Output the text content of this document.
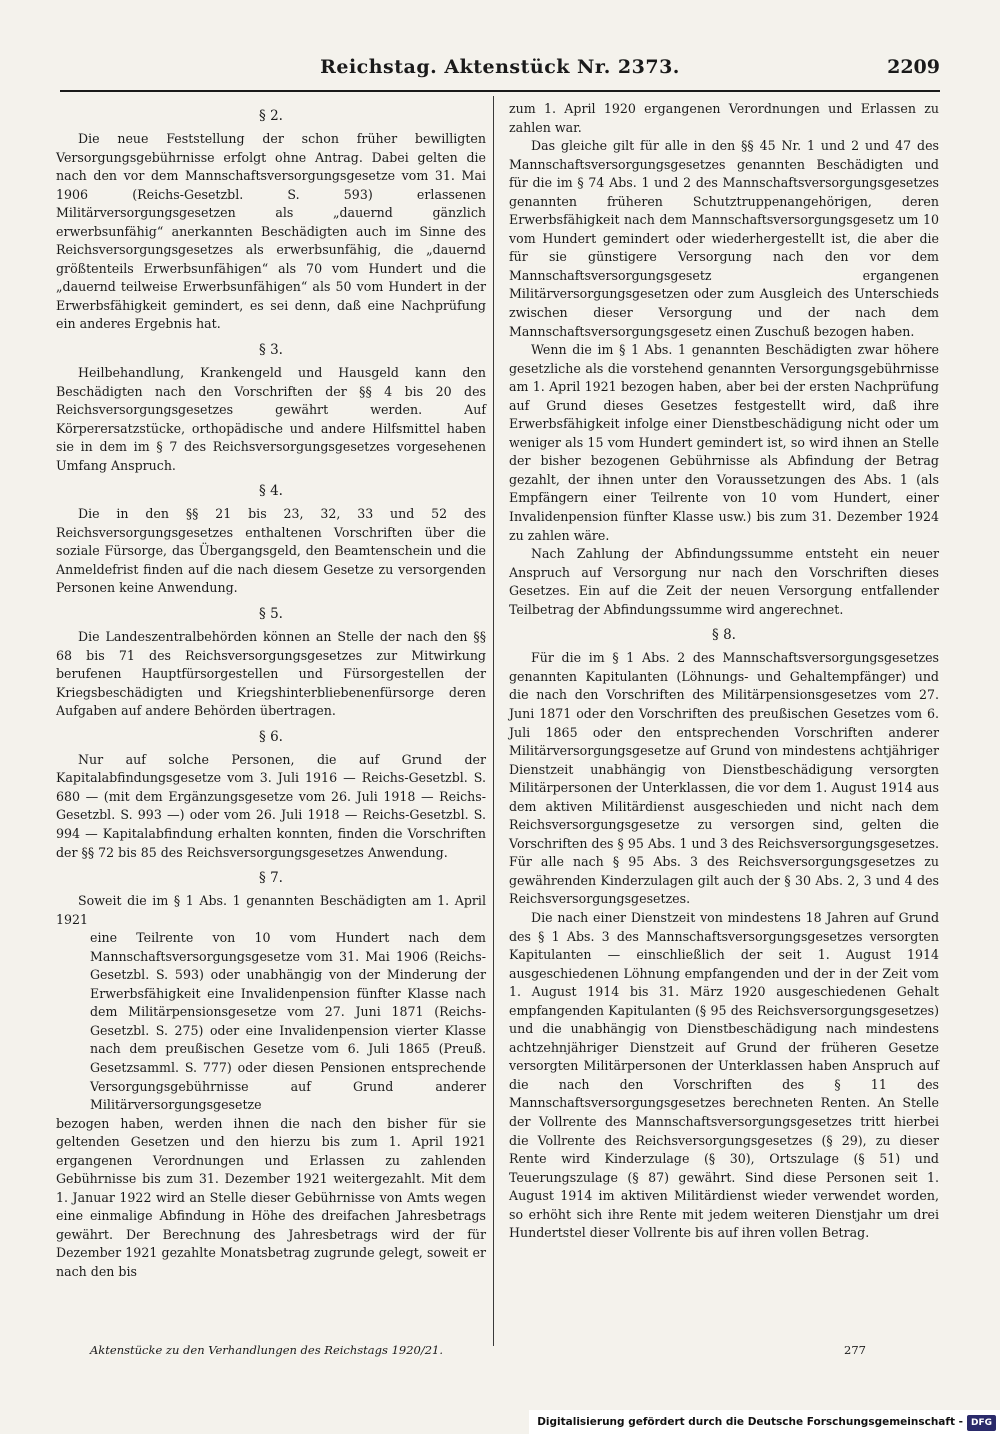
Reichstag. Aktenstück Nr. 2373.	2209
§ 2.

Die neue Feststellung der schon früher bewilligten Versorgungsgebührnisse erfolgt ohne Antrag. Dabei gelten die nach den vor dem Mannschaftsversorgungsgesetze vom 31. Mai 1906 (Reichs-Gesetzbl. S. 593) erlassenen Militärversorgungsgesetzen als „dauernd gänzlich erwerbsunfähig“ anerkannten Beschädigten auch im Sinne des Reichsversorgungsgesetzes als erwerbsunfähig, die „dauernd größtenteils Erwerbsunfähigen“ als 70 vom Hundert und die „dauernd teilweise Erwerbsunfähigen“ als 50 vom Hundert in der Erwerbsfähigkeit gemindert, es sei denn, daß eine Nachprüfung ein anderes Ergebnis hat.

§ 3.

Heilbehandlung, Krankengeld und Hausgeld kann den Beschädigten nach den Vorschriften der §§ 4 bis 20 des Reichsversorgungsgesetzes gewährt werden. Auf Körperersatzstücke, orthopädische und andere Hilfsmittel haben sie in dem im § 7 des Reichsversorgungsgesetzes vorgesehenen Umfang Anspruch.

§ 4.

Die in den §§ 21 bis 23, 32, 33 und 52 des Reichsversorgungsgesetzes enthaltenen Vorschriften über die soziale Fürsorge, das Übergangsgeld, den Beamtenschein und die Anmeldefrist finden auf die nach diesem Gesetze zu versorgenden Personen keine Anwendung.

§ 5.

Die Landeszentralbehörden können an Stelle der nach den §§ 68 bis 71 des Reichsversorgungsgesetzes zur Mitwirkung berufenen Hauptfürsorgestellen und Fürsorgestellen der Kriegsbeschädigten und Kriegshinterbliebenenfürsorge deren Aufgaben auf andere Behörden übertragen.

§ 6.

Nur auf solche Personen, die auf Grund der Kapitalabfindungsgesetze vom 3. Juli 1916 — Reichs-Gesetzbl. S. 680 — (mit dem Ergänzungsgesetze vom 26. Juli 1918 — Reichs-Gesetzbl. S. 993 —) oder vom 26. Juli 1918 — Reichs-Gesetzbl. S. 994 — Kapitalabfindung erhalten konnten, finden die Vorschriften der §§ 72 bis 85 des Reichsversorgungsgesetzes Anwendung.

§ 7.

Soweit die im § 1 Abs. 1 genannten Beschädigten am 1. April 1921

eine Teilrente von 10 vom Hundert nach dem Mannschaftsversorgungsgesetze vom 31. Mai 1906 (Reichs-Gesetzbl. S. 593) oder unabhängig von der Minderung der Erwerbsfähigkeit eine Invalidenpension fünfter Klasse nach dem Militärpensionsgesetze vom 27. Juni 1871 (Reichs-Gesetzbl. S. 275) oder eine Invalidenpension vierter Klasse nach dem preußischen Gesetze vom 6. Juli 1865 (Preuß. Gesetzsamml. S. 777) oder diesen Pensionen entsprechende Versorgungsgebührnisse auf Grund anderer Militärversorgungsgesetze

bezogen haben, werden ihnen die nach den bisher für sie geltenden Gesetzen und den hierzu bis zum 1. April 1921 ergangenen Verordnungen und Erlassen zu zahlenden Gebührnisse bis zum 31. Dezember 1921 weitergezahlt. Mit dem 1. Januar 1922 wird an Stelle dieser Gebührnisse von Amts wegen eine einmalige Abfindung in Höhe des dreifachen Jahresbetrags gewährt. Der Berechnung des Jahresbetrags wird der für Dezember 1921 gezahlte Monatsbetrag zugrunde gelegt, soweit er nach den bis

zum 1. April 1920 ergangenen Verordnungen und Erlassen zu zahlen war.

Das gleiche gilt für alle in den §§ 45 Nr. 1 und 2 und 47 des Mannschaftsversorgungsgesetzes genannten Beschädigten und für die im § 74 Abs. 1 und 2 des Mannschaftsversorgungsgesetzes genannten früheren Schutztruppenangehörigen, deren Erwerbsfähigkeit nach dem Mannschaftsversorgungsgesetz um 10 vom Hundert gemindert oder wiederhergestellt ist, die aber die für sie günstigere Versorgung nach den vor dem Mannschaftsversorgungsgesetz ergangenen Militärversorgungsgesetzen oder zum Ausgleich des Unterschieds zwischen dieser Versorgung und der nach dem Mannschaftsversorgungsgesetz einen Zuschuß bezogen haben.

Wenn die im § 1 Abs. 1 genannten Beschädigten zwar höhere gesetzliche als die vorstehend genannten Versorgungsgebührnisse am 1. April 1921 bezogen haben, aber bei der ersten Nachprüfung auf Grund dieses Gesetzes festgestellt wird, daß ihre Erwerbsfähigkeit infolge einer Dienstbeschädigung nicht oder um weniger als 15 vom Hundert gemindert ist, so wird ihnen an Stelle der bisher bezogenen Gebührnisse als Abfindung der Betrag gezahlt, der ihnen unter den Voraussetzungen des Abs. 1 (als Empfängern einer Teilrente von 10 vom Hundert, einer Invalidenpension fünfter Klasse usw.) bis zum 31. Dezember 1924 zu zahlen wäre.

Nach Zahlung der Abfindungssumme entsteht ein neuer Anspruch auf Versorgung nur nach den Vorschriften dieses Gesetzes. Ein auf die Zeit der neuen Versorgung entfallender Teilbetrag der Abfindungssumme wird angerechnet.

§ 8.

Für die im § 1 Abs. 2 des Mannschaftsversorgungsgesetzes genannten Kapitulanten (Löhnungs- und Gehaltempfänger) und die nach den Vorschriften des Militärpensionsgesetzes vom 27. Juni 1871 oder den Vorschriften des preußischen Gesetzes vom 6. Juli 1865 oder den entsprechenden Vorschriften anderer Militärversorgungsgesetze auf Grund von mindestens achtjähriger Dienstzeit unabhängig von Dienstbeschädigung versorgten Militärpersonen der Unterklassen, die vor dem 1. August 1914 aus dem aktiven Militärdienst ausgeschieden und nicht nach dem Reichsversorgungsgesetze zu versorgen sind, gelten die Vorschriften des § 95 Abs. 1 und 3 des Reichsversorgungsgesetzes. Für alle nach § 95 Abs. 3 des Reichsversorgungsgesetzes zu gewährenden Kinderzulagen gilt auch der § 30 Abs. 2, 3 und 4 des Reichsversorgungsgesetzes.

Die nach einer Dienstzeit von mindestens 18 Jahren auf Grund des § 1 Abs. 3 des Mannschaftsversorgungsgesetzes versorgten Kapitulanten — einschließlich der seit 1. August 1914 ausgeschiedenen Löhnung empfangenden und der in der Zeit vom 1. August 1914 bis 31. März 1920 ausgeschiedenen Gehalt empfangenden Kapitulanten (§ 95 des Reichsversorgungsgesetzes) und die unabhängig von Dienstbeschädigung nach mindestens achtzehnjähriger Dienstzeit auf Grund der früheren Gesetze versorgten Militärpersonen der Unterklassen haben Anspruch auf die nach den Vorschriften des § 11 des Mannschaftsversorgungsgesetzes berechneten Renten. An Stelle der Vollrente des Mannschaftsversorgungsgesetzes tritt hierbei die Vollrente des Reichsversorgungsgesetzes (§ 29), zu dieser Rente wird Kinderzulage (§ 30), Ortszulage (§ 51) und Teuerungszulage (§ 87) gewährt. Sind diese Personen seit 1. August 1914 im aktiven Militärdienst wieder verwendet worden, so erhöht sich ihre Rente mit jedem weiteren Dienstjahr um drei Hundertstel dieser Vollrente bis auf ihren vollen Betrag.

Aktenstücke zu den Verhandlungen des Reichstags 1920/21.	277
Digitalisierung gefördert durch die Deutsche Forschungsgemeinschaft - DFG
